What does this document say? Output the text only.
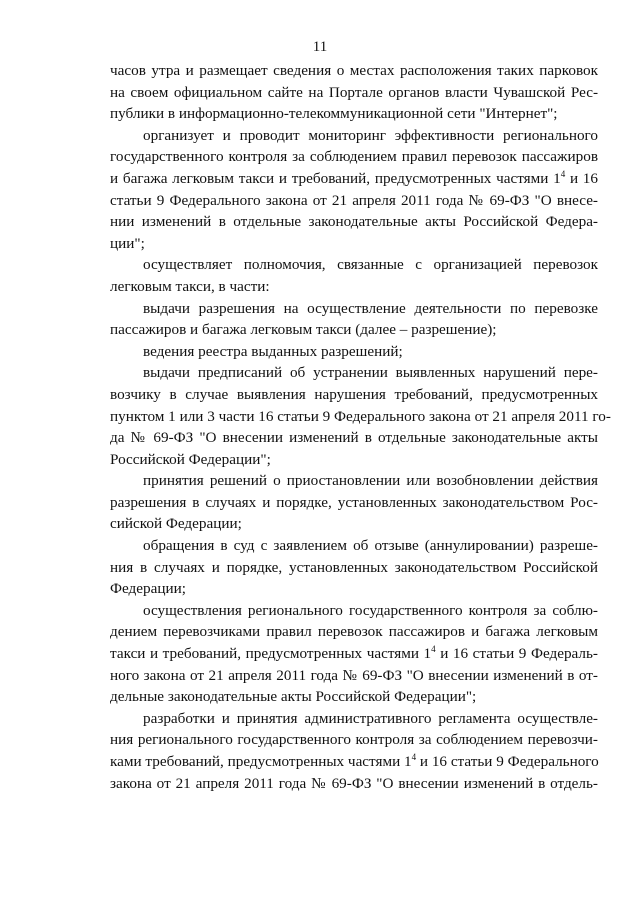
11
часов утра и размещает сведения о местах расположения таких парковок
на своем официальном сайте на Портале органов власти Чувашской Рес-
публики в информационно-телекоммуникационной сети "Интернет";
организует и проводит мониторинг эффективности регионального
государственного контроля за соблюдением правил перевозок пассажиров
и багажа легковым такси и требований, предусмотренных частями $1^4$ и 16
статьи 9 Федерального закона от 21 апреля 2011 года № 69-ФЗ "О внесе-
нии изменений в отдельные законодательные акты Российской Федера-
ции";
осуществляет полномочия, связанные с организацией перевозок
легковым такси, в части:
выдачи разрешения на осуществление деятельности по перевозке
пассажиров и багажа легковым такси (далее – разрешение);
ведения реестра выданных разрешений;
выдачи предписаний об устранении выявленных нарушений пере-
возчику в случае выявления нарушения требований, предусмотренных
пунктом 1 или 3 части 16 статьи 9 Федерального закона от 21 апреля 2011 го-
да № 69-ФЗ "О внесении изменений в отдельные законодательные акты
Российской Федерации";
принятия решений о приостановлении или возобновлении действия
разрешения в случаях и порядке, установленных законодательством Рос-
сийской Федерации;
обращения в суд с заявлением об отзыве (аннулировании) разреше-
ния в случаях и порядке, установленных законодательством Российской
Федерации;
осуществления регионального государственного контроля за соблю-
дением перевозчиками правил перевозок пассажиров и багажа легковым
такси и требований, предусмотренных частями $1^4$ и 16 статьи 9 Федераль-
ного закона от 21 апреля 2011 года № 69-ФЗ "О внесении изменений в от-
дельные законодательные акты Российской Федерации";
разработки и принятия административного регламента осуществле-
ния регионального государственного контроля за соблюдением перевозчи-
ками требований, предусмотренных частями $1^4$ и 16 статьи 9 Федерального
закона от 21 апреля 2011 года № 69-ФЗ "О внесении изменений в отдель-
